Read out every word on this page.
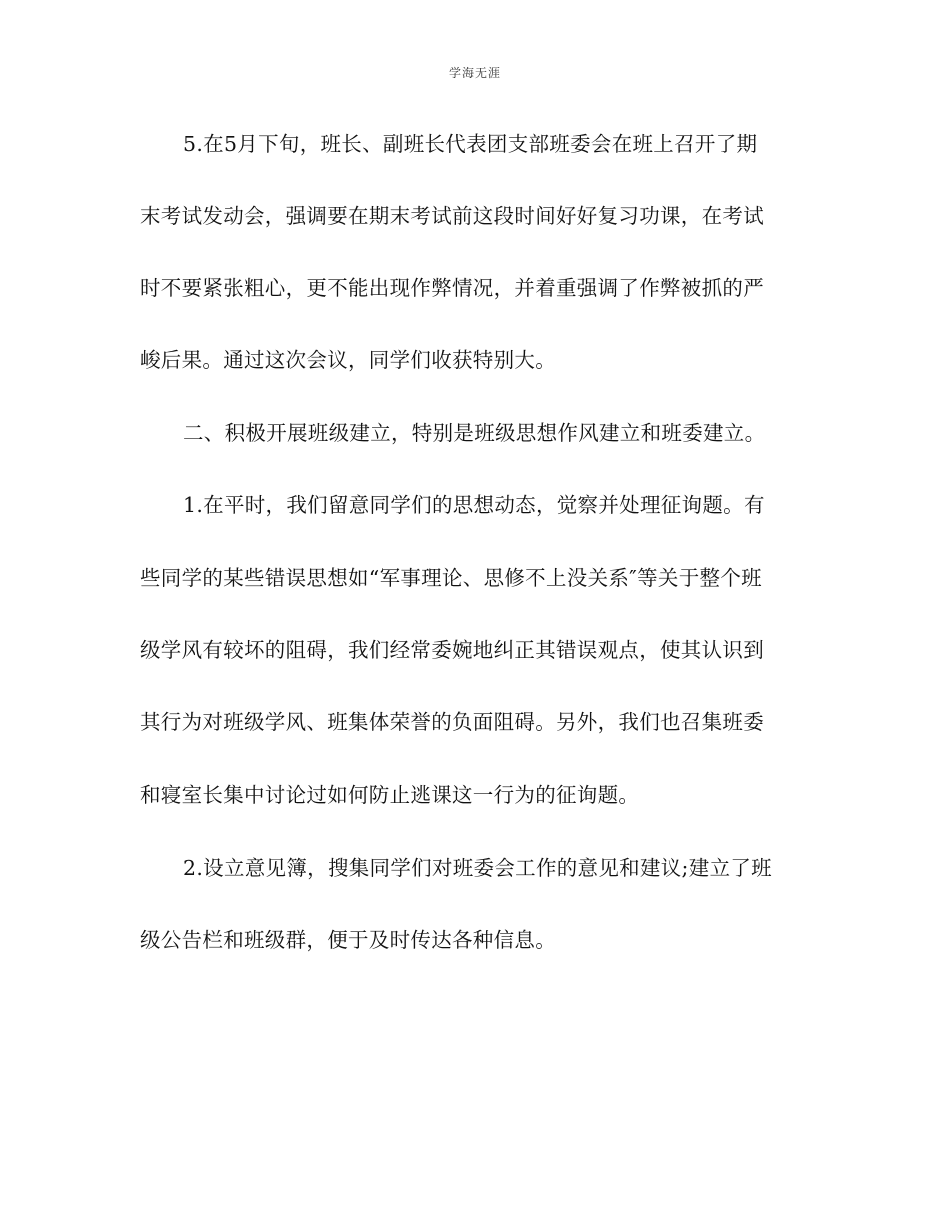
学海无涯
5.在5月下旬，班长、副班长代表团支部班委会在班上召开了期
末考试发动会，强调要在期末考试前这段时间好好复习功课，在考试
时不要紧张粗心，更不能出现作弊情况，并着重强调了作弊被抓的严
峻后果。通过这次会议，同学们收获特别大。
二、积极开展班级建立，特别是班级思想作风建立和班委建立。
1.在平时，我们留意同学们的思想动态，觉察并处理征询题。有
些同学的某些错误思想如“军事理论、思修不上没关系″等关于整个班
级学风有较坏的阻碍，我们经常委婉地纠正其错误观点，使其认识到
其行为对班级学风、班集体荣誉的负面阻碍。另外，我们也召集班委
和寝室长集中讨论过如何防止逃课这一行为的征询题。
2.设立意见簿，搜集同学们对班委会工作的意见和建议;建立了班
级公告栏和班级群，便于及时传达各种信息。
